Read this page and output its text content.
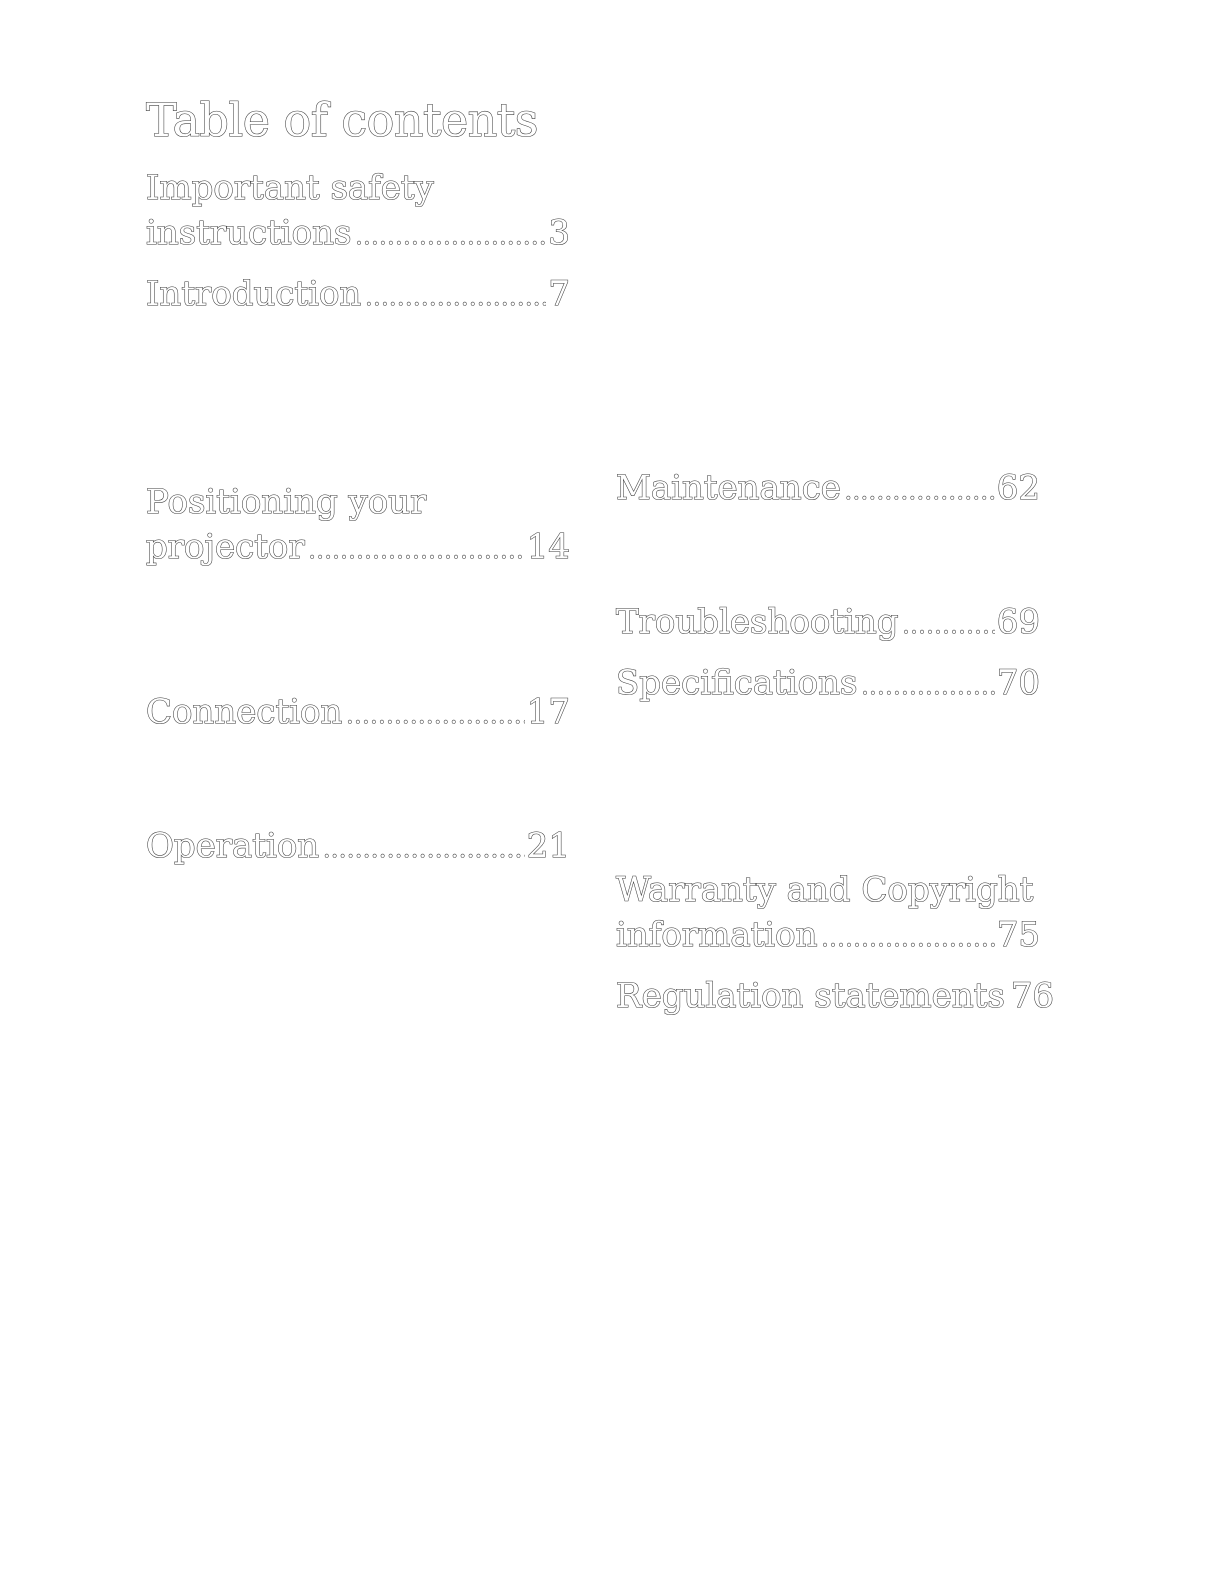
Table of contents
Important safety
instructions .....	3
Introduction .....	7
Positioning your
projector .....	14
Connection .....	17
Operation .....	21
Maintenance .....	62
Troubleshooting .....	69
Specifications .....	70
Warranty and Copyright
information .....	75
Regulation statements 76
